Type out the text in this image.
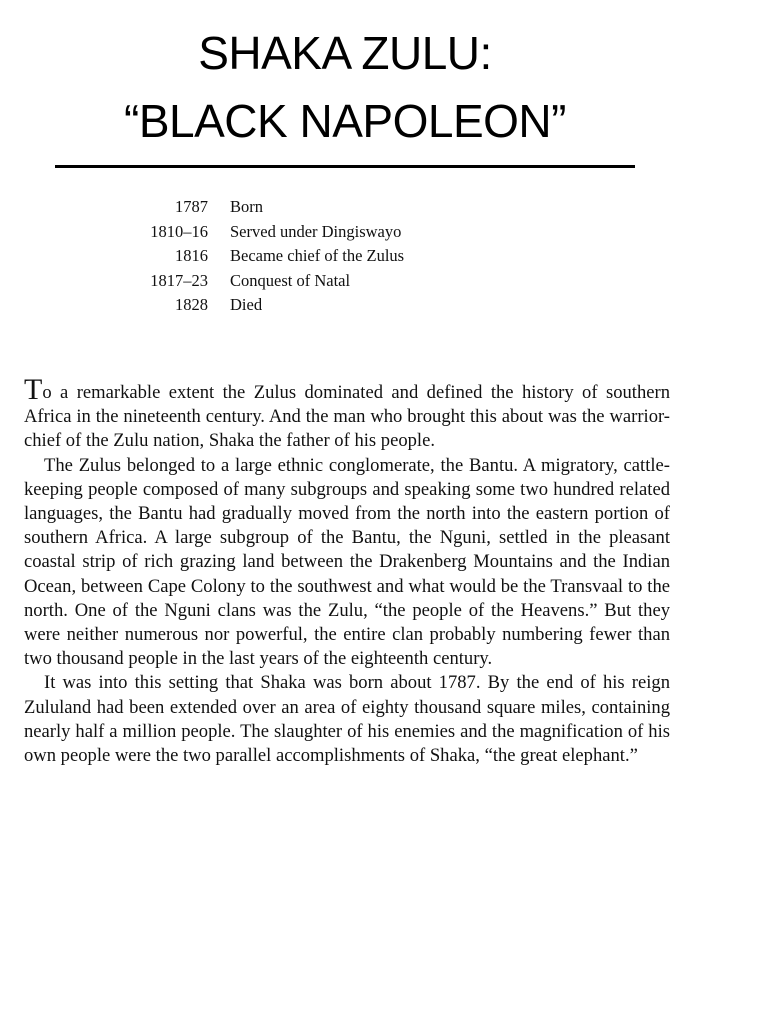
SHAKA ZULU:
“BLACK NAPOLEON”
1787	Born
1810–16	Served under Dingiswayo
1816	Became chief of the Zulus
1817–23	Conquest of Natal
1828	Died

To a remarkable extent the Zulus dominated and defined the history of southern Africa in the nineteenth century. And the man who brought this about was the warrior-chief of the Zulu nation, Shaka the father of his people.

The Zulus belonged to a large ethnic conglomerate, the Bantu. A migratory, cattle-keeping people composed of many subgroups and speaking some two hundred related languages, the Bantu had gradually moved from the north into the eastern portion of southern Africa. A large subgroup of the Bantu, the Nguni, settled in the pleasant coastal strip of rich grazing land between the Drakenberg Mountains and the Indian Ocean, between Cape Colony to the southwest and what would be the Transvaal to the north. One of the Nguni clans was the Zulu, “the people of the Heavens.” But they were neither numerous nor powerful, the entire clan probably numbering fewer than two thousand people in the last years of the eighteenth century.

It was into this setting that Shaka was born about 1787. By the end of his reign Zululand had been extended over an area of eighty thousand square miles, containing nearly half a million people. The slaughter of his enemies and the magnification of his own people were the two parallel accomplishments of Shaka, “the great elephant.”
